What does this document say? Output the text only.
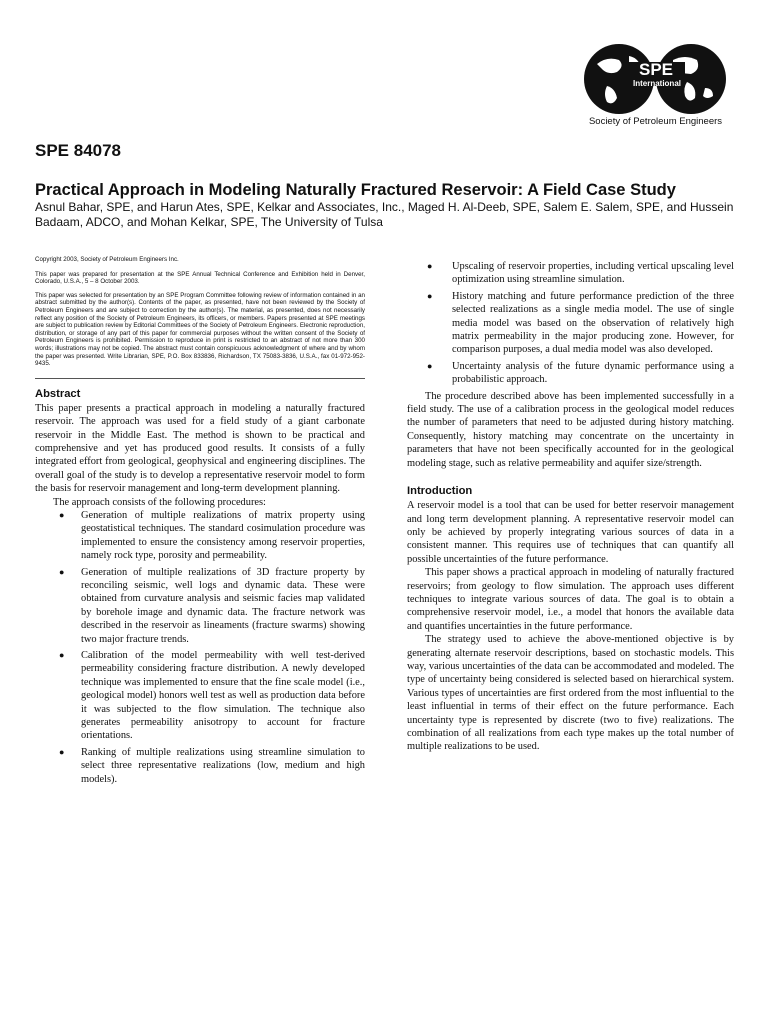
SPE
International
Society of Petroleum Engineers
SPE 84078
Practical Approach in Modeling Naturally Fractured Reservoir: A Field Case Study
Asnul Bahar, SPE, and Harun Ates, SPE, Kelkar and Associates, Inc., Maged H. Al-Deeb, SPE, Salem E. Salem, SPE, and Hussein Badaam, ADCO, and Mohan Kelkar, SPE, The University of Tulsa

Copyright 2003, Society of Petroleum Engineers Inc.

This paper was prepared for presentation at the SPE Annual Technical Conference and Exhibition held in Denver, Colorado, U.S.A., 5 – 8 October 2003.

This paper was selected for presentation by an SPE Program Committee following review of information contained in an abstract submitted by the author(s). Contents of the paper, as presented, have not been reviewed by the Society of Petroleum Engineers and are subject to correction by the author(s). The material, as presented, does not necessarily reflect any position of the Society of Petroleum Engineers, its officers, or members. Papers presented at SPE meetings are subject to publication review by Editorial Committees of the Society of Petroleum Engineers. Electronic reproduction, distribution, or storage of any part of this paper for commercial purposes without the written consent of the Society of Petroleum Engineers is prohibited. Permission to reproduce in print is restricted to an abstract of not more than 300 words; illustrations may not be copied. The abstract must contain conspicuous acknowledgment of where and by whom the paper was presented. Write Librarian, SPE, P.O. Box 833836, Richardson, TX 75083-3836, U.S.A., fax 01-972-952-9435.

Abstract

This paper presents a practical approach in modeling a naturally fractured reservoir. The approach was used for a field study of a giant carbonate reservoir in the Middle East. The method is shown to be practical and comprehensive and yet has produced good results. It consists of a fully integrated effort from geological, geophysical and engineering disciplines. The overall goal of the study is to develop a representative reservoir model to form the basis for reservoir management and long-term development planning.

The approach consists of the following procedures:

● Generation of multiple realizations of matrix property using geostatistical techniques. The standard cosimulation procedure was implemented to ensure the consistency among reservoir properties, namely rock type, porosity and permeability.
● Generation of multiple realizations of 3D fracture property by reconciling seismic, well logs and dynamic data. These were obtained from curvature analysis and seismic facies map validated by borehole image and dynamic data. The fracture network was described in the reservoir as lineaments (fracture swarms) showing two major fracture trends.
● Calibration of the model permeability with well test-derived permeability considering fracture distribution. A newly developed technique was implemented to ensure that the fine scale model (i.e., geological model) honors well test as well as production data before it was subjected to the flow simulation. The technique also generates permeability anisotropy to account for fracture orientations.
● Ranking of multiple realizations using streamline simulation to select three representative realizations (low, medium and high models).
● Upscaling of reservoir properties, including vertical upscaling level optimization using streamline simulation.
● History matching and future performance prediction of the three selected realizations as a single media model. The use of single media model was based on the observation of relatively high matrix permeability in the major producing zone. However, for comparison purposes, a dual media model was also developed.
● Uncertainty analysis of the future dynamic performance using a probabilistic approach.

The procedure described above has been implemented successfully in a field study. The use of a calibration process in the geological model reduces the number of parameters that need to be adjusted during history matching. Consequently, history matching may concentrate on the uncertainty in parameters that have not been specifically accounted for in the geological modeling stage, such as relative permeability and aquifer size/strength.

Introduction

A reservoir model is a tool that can be used for better reservoir management and long term development planning. A representative reservoir model can only be achieved by properly integrating various sources of data in a consistent manner. This requires use of techniques that can quantify all possible uncertainties of the future performance.

This paper shows a practical approach in modeling of naturally fractured reservoirs; from geology to flow simulation. The approach uses different techniques to integrate various sources of data. The goal is to obtain a comprehensive reservoir model, i.e., a model that honors the available data and quantifies uncertainties in the future performance.

The strategy used to achieve the above-mentioned objective is by generating alternate reservoir descriptions, based on stochastic models. This way, various uncertainties of the data can be accommodated and modeled. The type of uncertainty being considered is selected based on hierarchical system. Various types of uncertainties are first ordered from the most influential to the least influential in terms of their effect on the future performance. Each uncertainty type is represented by discrete (two to five) realizations. The combination of all realizations from each type makes up the total number of multiple realizations to be used.
